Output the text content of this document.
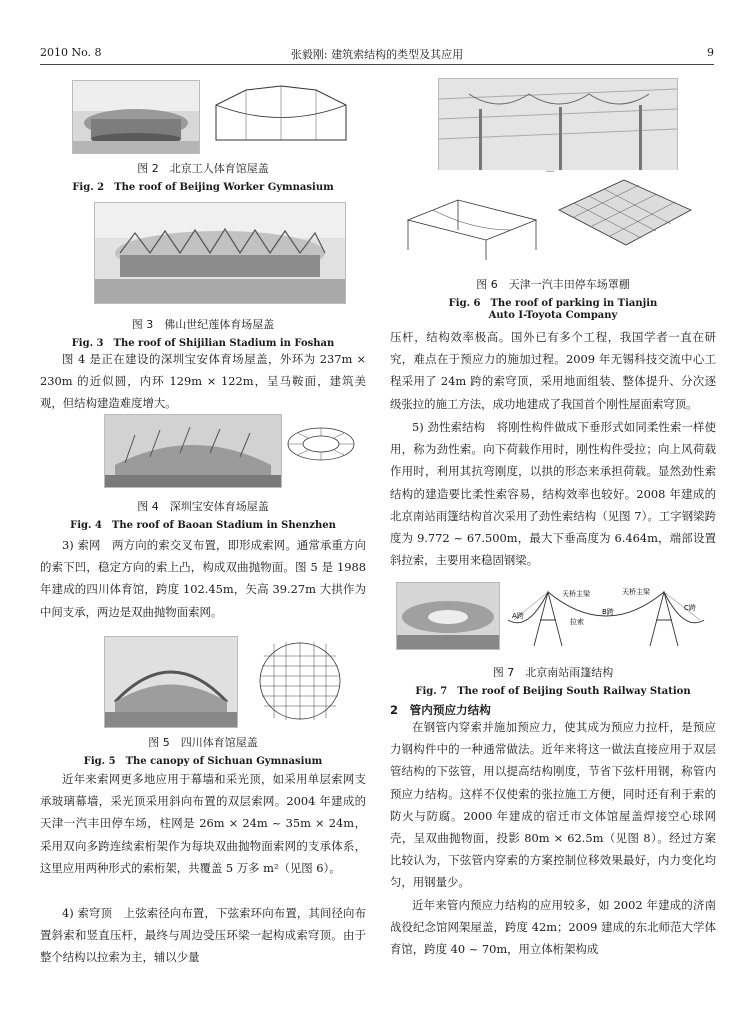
2010 No. 8	张毅刚: 建筑索结构的类型及其应用	9
图 2　北京工人体育馆屋盖
Fig. 2　The roof of Beijing Worker Gymnasium
图 3　佛山世纪莲体育场屋盖
Fig. 3　The roof of Shijilian Stadium in Foshan

图 4 是正在建设的深圳宝安体育场屋盖，外环为 237m × 230m 的近似圆，内环 129m × 122m，呈马鞍面，建筑美观，但结构建造难度增大。

图 4　深圳宝安体育场屋盖
Fig. 4　The roof of Baoan Stadium in Shenzhen

3) 索网　两方向的索交叉布置，即形成索网。通常承重方向的索下凹，稳定方向的索上凸，构成双曲抛物面。图 5 是 1988 年建成的四川体育馆，跨度 102.45m，矢高 39.27m 大拱作为中间支承，两边是双曲抛物面索网。

图 5　四川体育馆屋盖
Fig. 5　The canopy of Sichuan Gymnasium

近年来索网更多地应用于幕墙和采光顶，如采用单层索网支承玻璃幕墙，采光顶采用斜向布置的双层索网。2004 年建成的天津一汽丰田停车场，柱网是 26m × 24m ~ 35m × 24m，采用双向多跨连续索桁架作为每块双曲抛物面索网的支承体系，这里应用两种形式的索桁架，共覆盖 5 万多 m²（见图 6）。

4) 索穹顶　上弦索径向布置，下弦索环向布置，其间径向布置斜索和竖直压杆，最终与周边受压环梁一起构成索穹顶。由于整个结构以拉索为主，辅以少量

图 6　天津一汽丰田停车场罩棚
Fig. 6　The roof of parking in Tianjin
Auto I-Toyota Company

压杆，结构效率极高。国外已有多个工程，我国学者一直在研究，难点在于预应力的施加过程。2009 年无锡科技交流中心工程采用了 24m 跨的索穹顶，采用地面组装、整体提升、分次逐级张拉的施工方法，成功地建成了我国首个刚性屋面索穹顶。

5) 劲性索结构　将刚性构件做成下垂形式如同柔性索一样使用，称为劲性索。向下荷载作用时，刚性构件受拉；向上风荷载作用时，利用其抗弯刚度，以拱的形态来承担荷载。显然劲性索结构的建造要比柔性索容易，结构效率也较好。2008 年建成的北京南站雨篷结构首次采用了劲性索结构（见图 7）。工字钢梁跨度为 9.772 ~ 67.500m，最大下垂高度为 6.464m，端部设置斜拉索，主要用来稳固钢梁。

天桥主梁	天桥主梁
A跨
拉索
B跨	C跨
图 7　北京南站雨篷结构
Fig. 7　The roof of Beijing South Railway Station
2　管内预应力结构

在钢管内穿索并施加预应力，使其成为预应力拉杆，是预应力钢构件中的一种通常做法。近年来将这一做法直接应用于双层管结构的下弦管，用以提高结构刚度，节省下弦杆用钢，称管内预应力结构。这样不仅使索的张拉施工方便，同时还有利于索的防火与防腐。2000 年建成的宿迁市文体馆屋盖焊接空心球网壳，呈双曲抛物面，投影 80m × 62.5m（见图 8）。经过方案比较认为，下弦管内穿索的方案控制位移效果最好，内力变化均匀，用钢量少。

近年来管内预应力结构的应用较多，如 2002 年建成的济南战役纪念馆网架屋盖，跨度 42m；2009 建成的东北师范大学体育馆，跨度 40 ~ 70m，用立体桁架构成
